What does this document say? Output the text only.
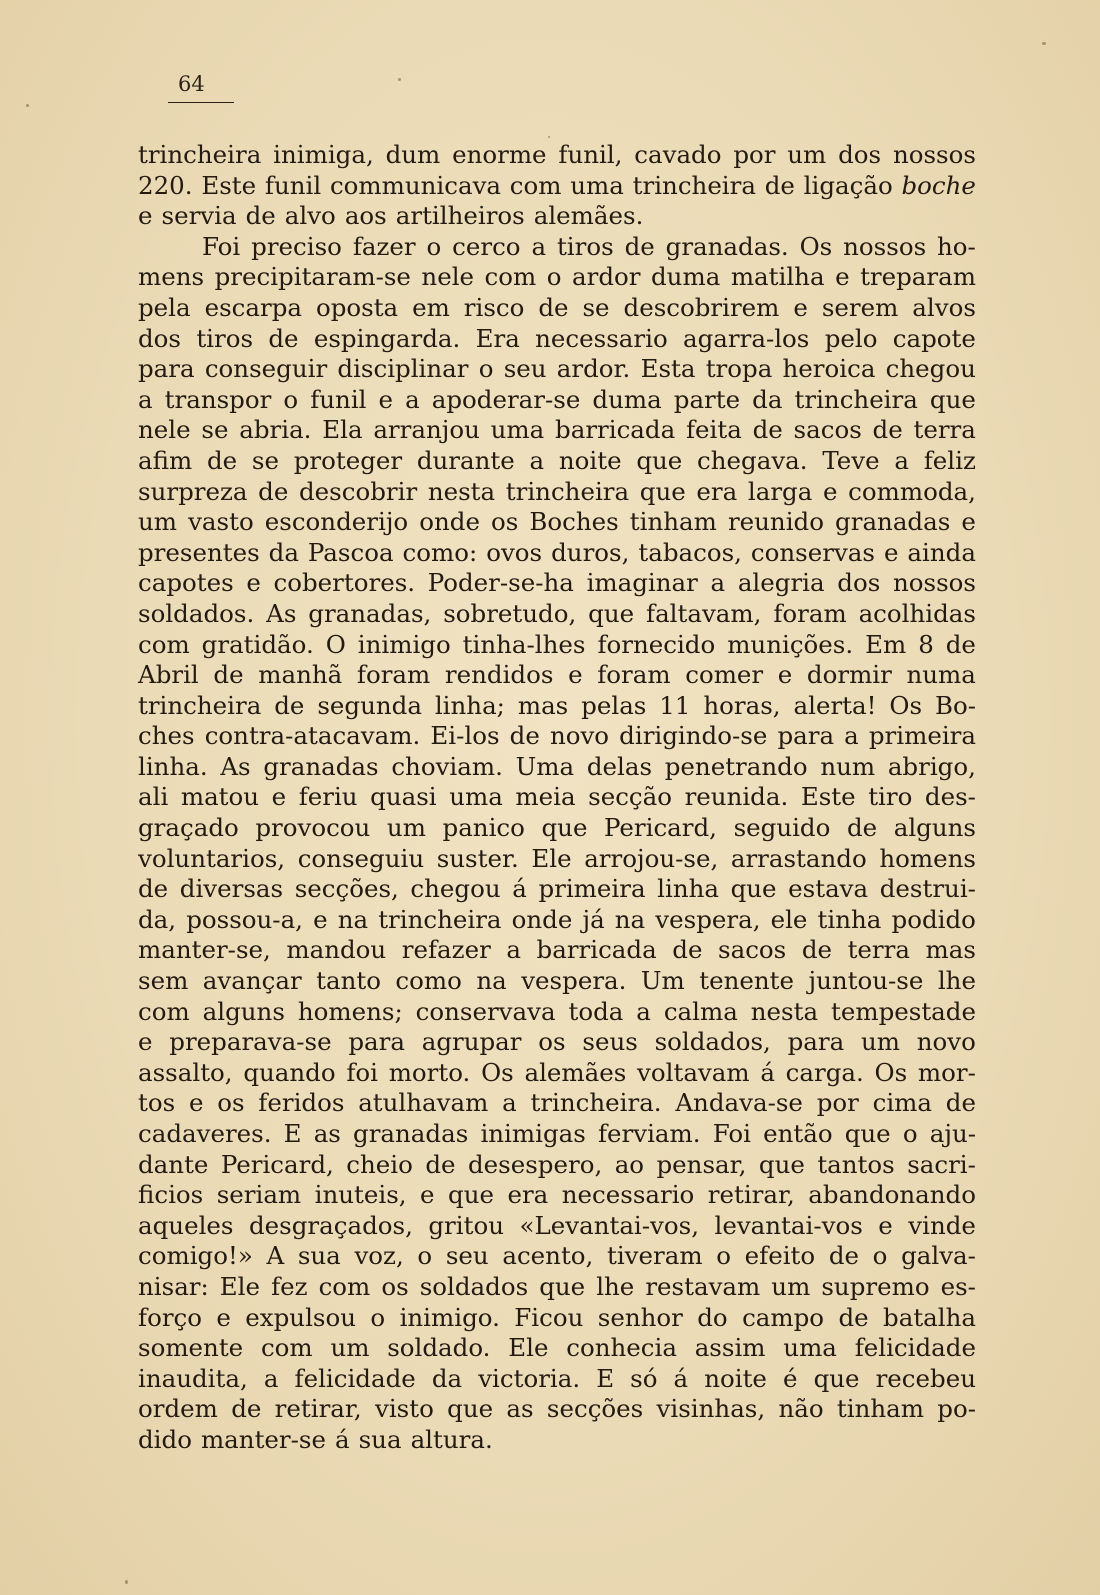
64
trincheira inimiga, dum enorme funil, cavado por um dos nossos
220. Este funil communicava com uma trincheira de ligação boche
e servia de alvo aos artilheiros alemães.
Foi preciso fazer o cerco a tiros de granadas. Os nossos ho-
mens precipitaram-se nele com o ardor duma matilha e treparam
pela escarpa oposta em risco de se descobrirem e serem alvos
dos tiros de espingarda. Era necessario agarra-los pelo capote
para conseguir disciplinar o seu ardor. Esta tropa heroica chegou
a transpor o funil e a apoderar-se duma parte da trincheira que
nele se abria. Ela arranjou uma barricada feita de sacos de terra
afim de se proteger durante a noite que chegava. Teve a feliz
surpreza de descobrir nesta trincheira que era larga e commoda,
um vasto esconderijo onde os Boches tinham reunido granadas e
presentes da Pascoa como: ovos duros, tabacos, conservas e ainda
capotes e cobertores. Poder-se-ha imaginar a alegria dos nossos
soldados. As granadas, sobretudo, que faltavam, foram acolhidas
com gratidão. O inimigo tinha-lhes fornecido munições. Em 8 de
Abril de manhã foram rendidos e foram comer e dormir numa
trincheira de segunda linha; mas pelas 11 horas, alerta! Os Bo-
ches contra-atacavam. Ei-los de novo dirigindo-se para a primeira
linha. As granadas choviam. Uma delas penetrando num abrigo,
ali matou e feriu quasi uma meia secção reunida. Este tiro des-
graçado provocou um panico que Pericard, seguido de alguns
voluntarios, conseguiu suster. Ele arrojou-se, arrastando homens
de diversas secções, chegou á primeira linha que estava destrui-
da, possou-a, e na trincheira onde já na vespera, ele tinha podido
manter-se, mandou refazer a barricada de sacos de terra mas
sem avançar tanto como na vespera. Um tenente juntou-se lhe
com alguns homens; conservava toda a calma nesta tempestade
e preparava-se para agrupar os seus soldados, para um novo
assalto, quando foi morto. Os alemães voltavam á carga. Os mor-
tos e os feridos atulhavam a trincheira. Andava-se por cima de
cadaveres. E as granadas inimigas ferviam. Foi então que o aju-
dante Pericard, cheio de desespero, ao pensar, que tantos sacri-
ficios seriam inuteis, e que era necessario retirar, abandonando
aqueles desgraçados, gritou «Levantai-vos, levantai-vos e vinde
comigo!» A sua voz, o seu acento, tiveram o efeito de o galva-
nisar: Ele fez com os soldados que lhe restavam um supremo es-
forço e expulsou o inimigo. Ficou senhor do campo de batalha
somente com um soldado. Ele conhecia assim uma felicidade
inaudita, a felicidade da victoria. E só á noite é que recebeu
ordem de retirar, visto que as secções visinhas, não tinham po-
dido manter-se á sua altura.
